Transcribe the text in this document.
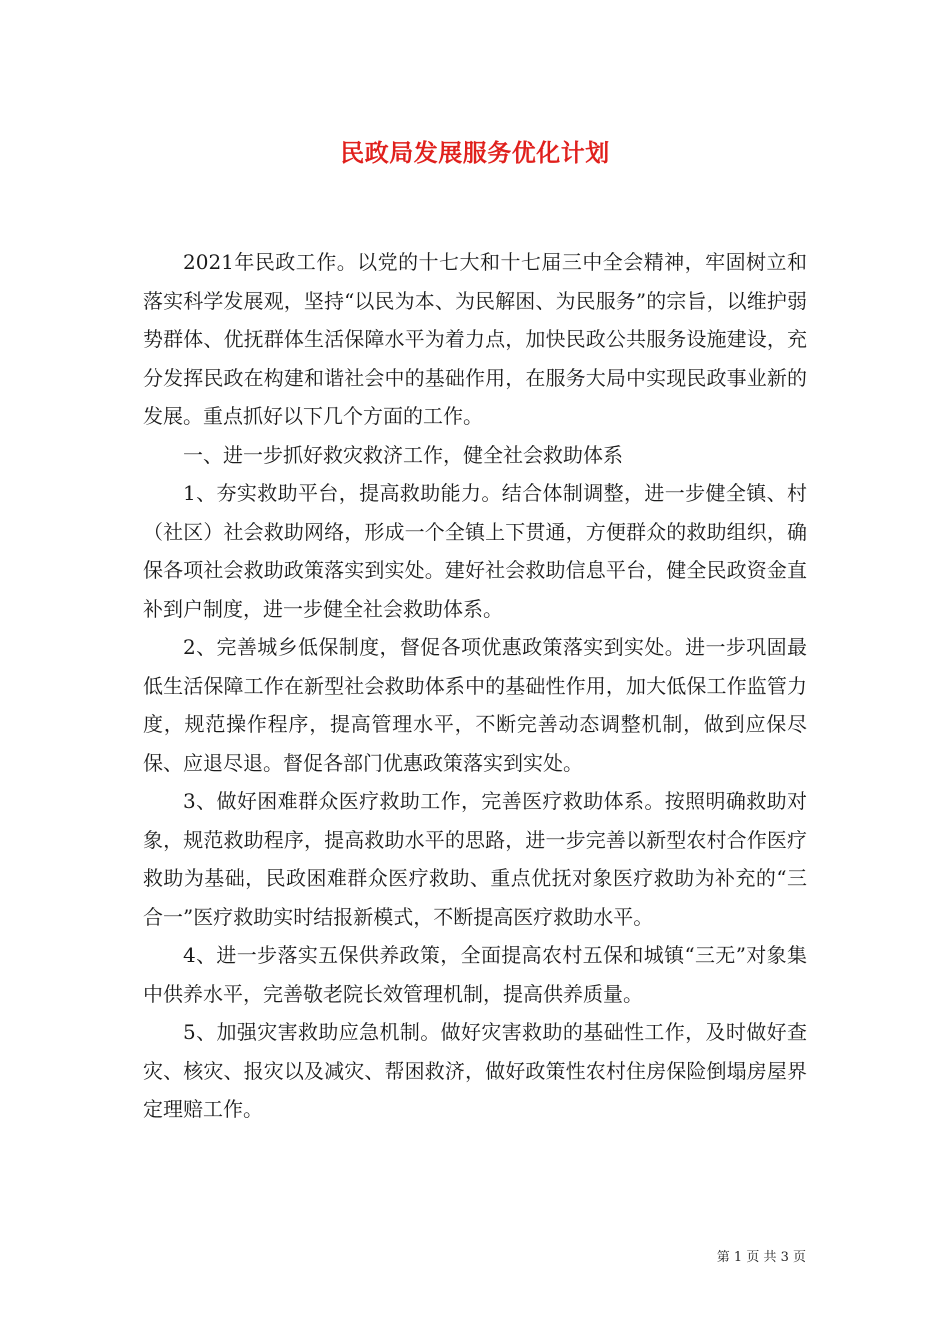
民政局发展服务优化计划

2021年民政工作。以党的十七大和十七届三中全会精神，牢固树立和落实科学发展观，坚持“以民为本、为民解困、为民服务”的宗旨，以维护弱势群体、优抚群体生活保障水平为着力点，加快民政公共服务设施建设，充分发挥民政在构建和谐社会中的基础作用，在服务大局中实现民政事业新的发展。重点抓好以下几个方面的工作。

一、进一步抓好救灾救济工作，健全社会救助体系

1、夯实救助平台，提高救助能力。结合体制调整，进一步健全镇、村（社区）社会救助网络，形成一个全镇上下贯通，方便群众的救助组织，确保各项社会救助政策落实到实处。建好社会救助信息平台，健全民政资金直补到户制度，进一步健全社会救助体系。

2、完善城乡低保制度，督促各项优惠政策落实到实处。进一步巩固最低生活保障工作在新型社会救助体系中的基础性作用，加大低保工作监管力度，规范操作程序，提高管理水平，不断完善动态调整机制，做到应保尽保、应退尽退。督促各部门优惠政策落实到实处。

3、做好困难群众医疗救助工作，完善医疗救助体系。按照明确救助对象，规范救助程序，提高救助水平的思路，进一步完善以新型农村合作医疗救助为基础，民政困难群众医疗救助、重点优抚对象医疗救助为补充的“三合一”医疗救助实时结报新模式，不断提高医疗救助水平。

4、进一步落实五保供养政策，全面提高农村五保和城镇“三无”对象集中供养水平，完善敬老院长效管理机制，提高供养质量。

5、加强灾害救助应急机制。做好灾害救助的基础性工作，及时做好查灾、核灾、报灾以及减灾、帮困救济，做好政策性农村住房保险倒塌房屋界定理赔工作。

第 1 页 共 3 页
